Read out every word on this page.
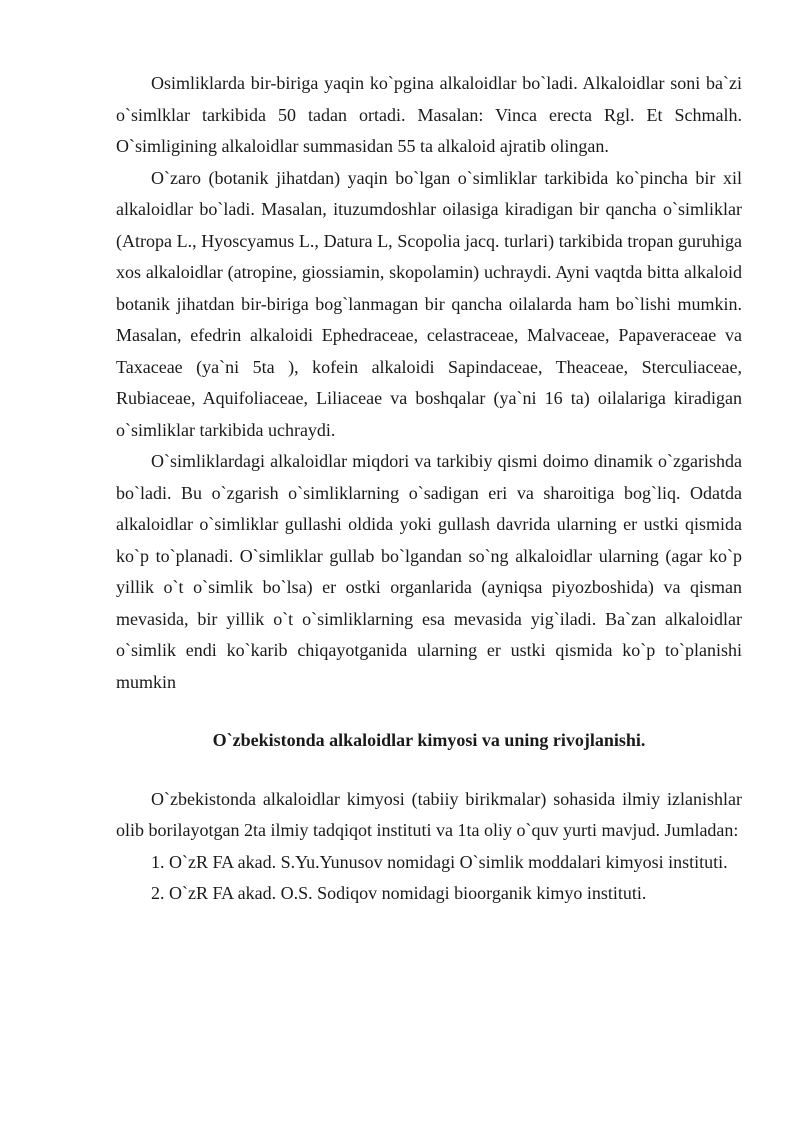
Osimliklarda bir-biriga yaqin ko`pgina alkaloidlar bo`ladi. Alkaloidlar soni ba`zi o`simlklar tarkibida 50 tadan ortadi. Masalan: Vinca erecta Rgl. Et Schmalh. O`simligining alkaloidlar summasidan 55 ta alkaloid ajratib olingan.

O`zaro (botanik jihatdan) yaqin bo`lgan o`simliklar tarkibida ko`pincha bir xil alkaloidlar bo`ladi. Masalan, ituzumdoshlar oilasiga kiradigan bir qancha o`simliklar (Atropa L., Hyoscyamus L., Datura L, Scopolia jacq. turlari) tarkibida tropan guruhiga xos alkaloidlar (atropine, giossiamin, skopolamin) uchraydi. Ayni vaqtda bitta alkaloid botanik jihatdan bir-biriga bog`lanmagan bir qancha oilalarda ham bo`lishi mumkin. Masalan, efedrin alkaloidi Ephedraceae, celastraceae, Malvaceae, Papaveraceae va Taxaceae (ya`ni 5ta ), kofein alkaloidi Sapindaceae, Theaceae, Sterculiaceae, Rubiaceae, Aquifoliaceae, Liliaceae va boshqalar (ya`ni 16 ta) oilalariga kiradigan o`simliklar tarkibida uchraydi.

O`simliklardagi alkaloidlar miqdori va tarkibiy qismi doimo dinamik o`zgarishda bo`ladi. Bu o`zgarish o`simliklarning o`sadigan eri va sharoitiga bog`liq. Odatda alkaloidlar o`simliklar gullashi oldida yoki gullash davrida ularning er ustki qismida ko`p to`planadi. O`simliklar gullab bo`lgandan so`ng alkaloidlar ularning (agar ko`p yillik o`t o`simlik bo`lsa) er ostki organlarida (ayniqsa piyozboshida) va qisman mevasida, bir yillik o`t o`simliklarning esa mevasida yig`iladi. Ba`zan alkaloidlar o`simlik endi ko`karib chiqayotganida ularning er ustki qismida ko`p to`planishi mumkin

O`zbekistonda alkaloidlar kimyosi va uning rivojlanishi.

O`zbekistonda alkaloidlar kimyosi (tabiiy birikmalar) sohasida ilmiy izlanishlar olib borilayotgan 2ta ilmiy tadqiqot instituti va 1ta oliy o`quv yurti mavjud. Jumladan:

1. O`zR FA akad. S.Yu.Yunusov nomidagi O`simlik moddalari kimyosi instituti.

2. O`zR FA akad. O.S. Sodiqov nomidagi bioorganik kimyo instituti.
